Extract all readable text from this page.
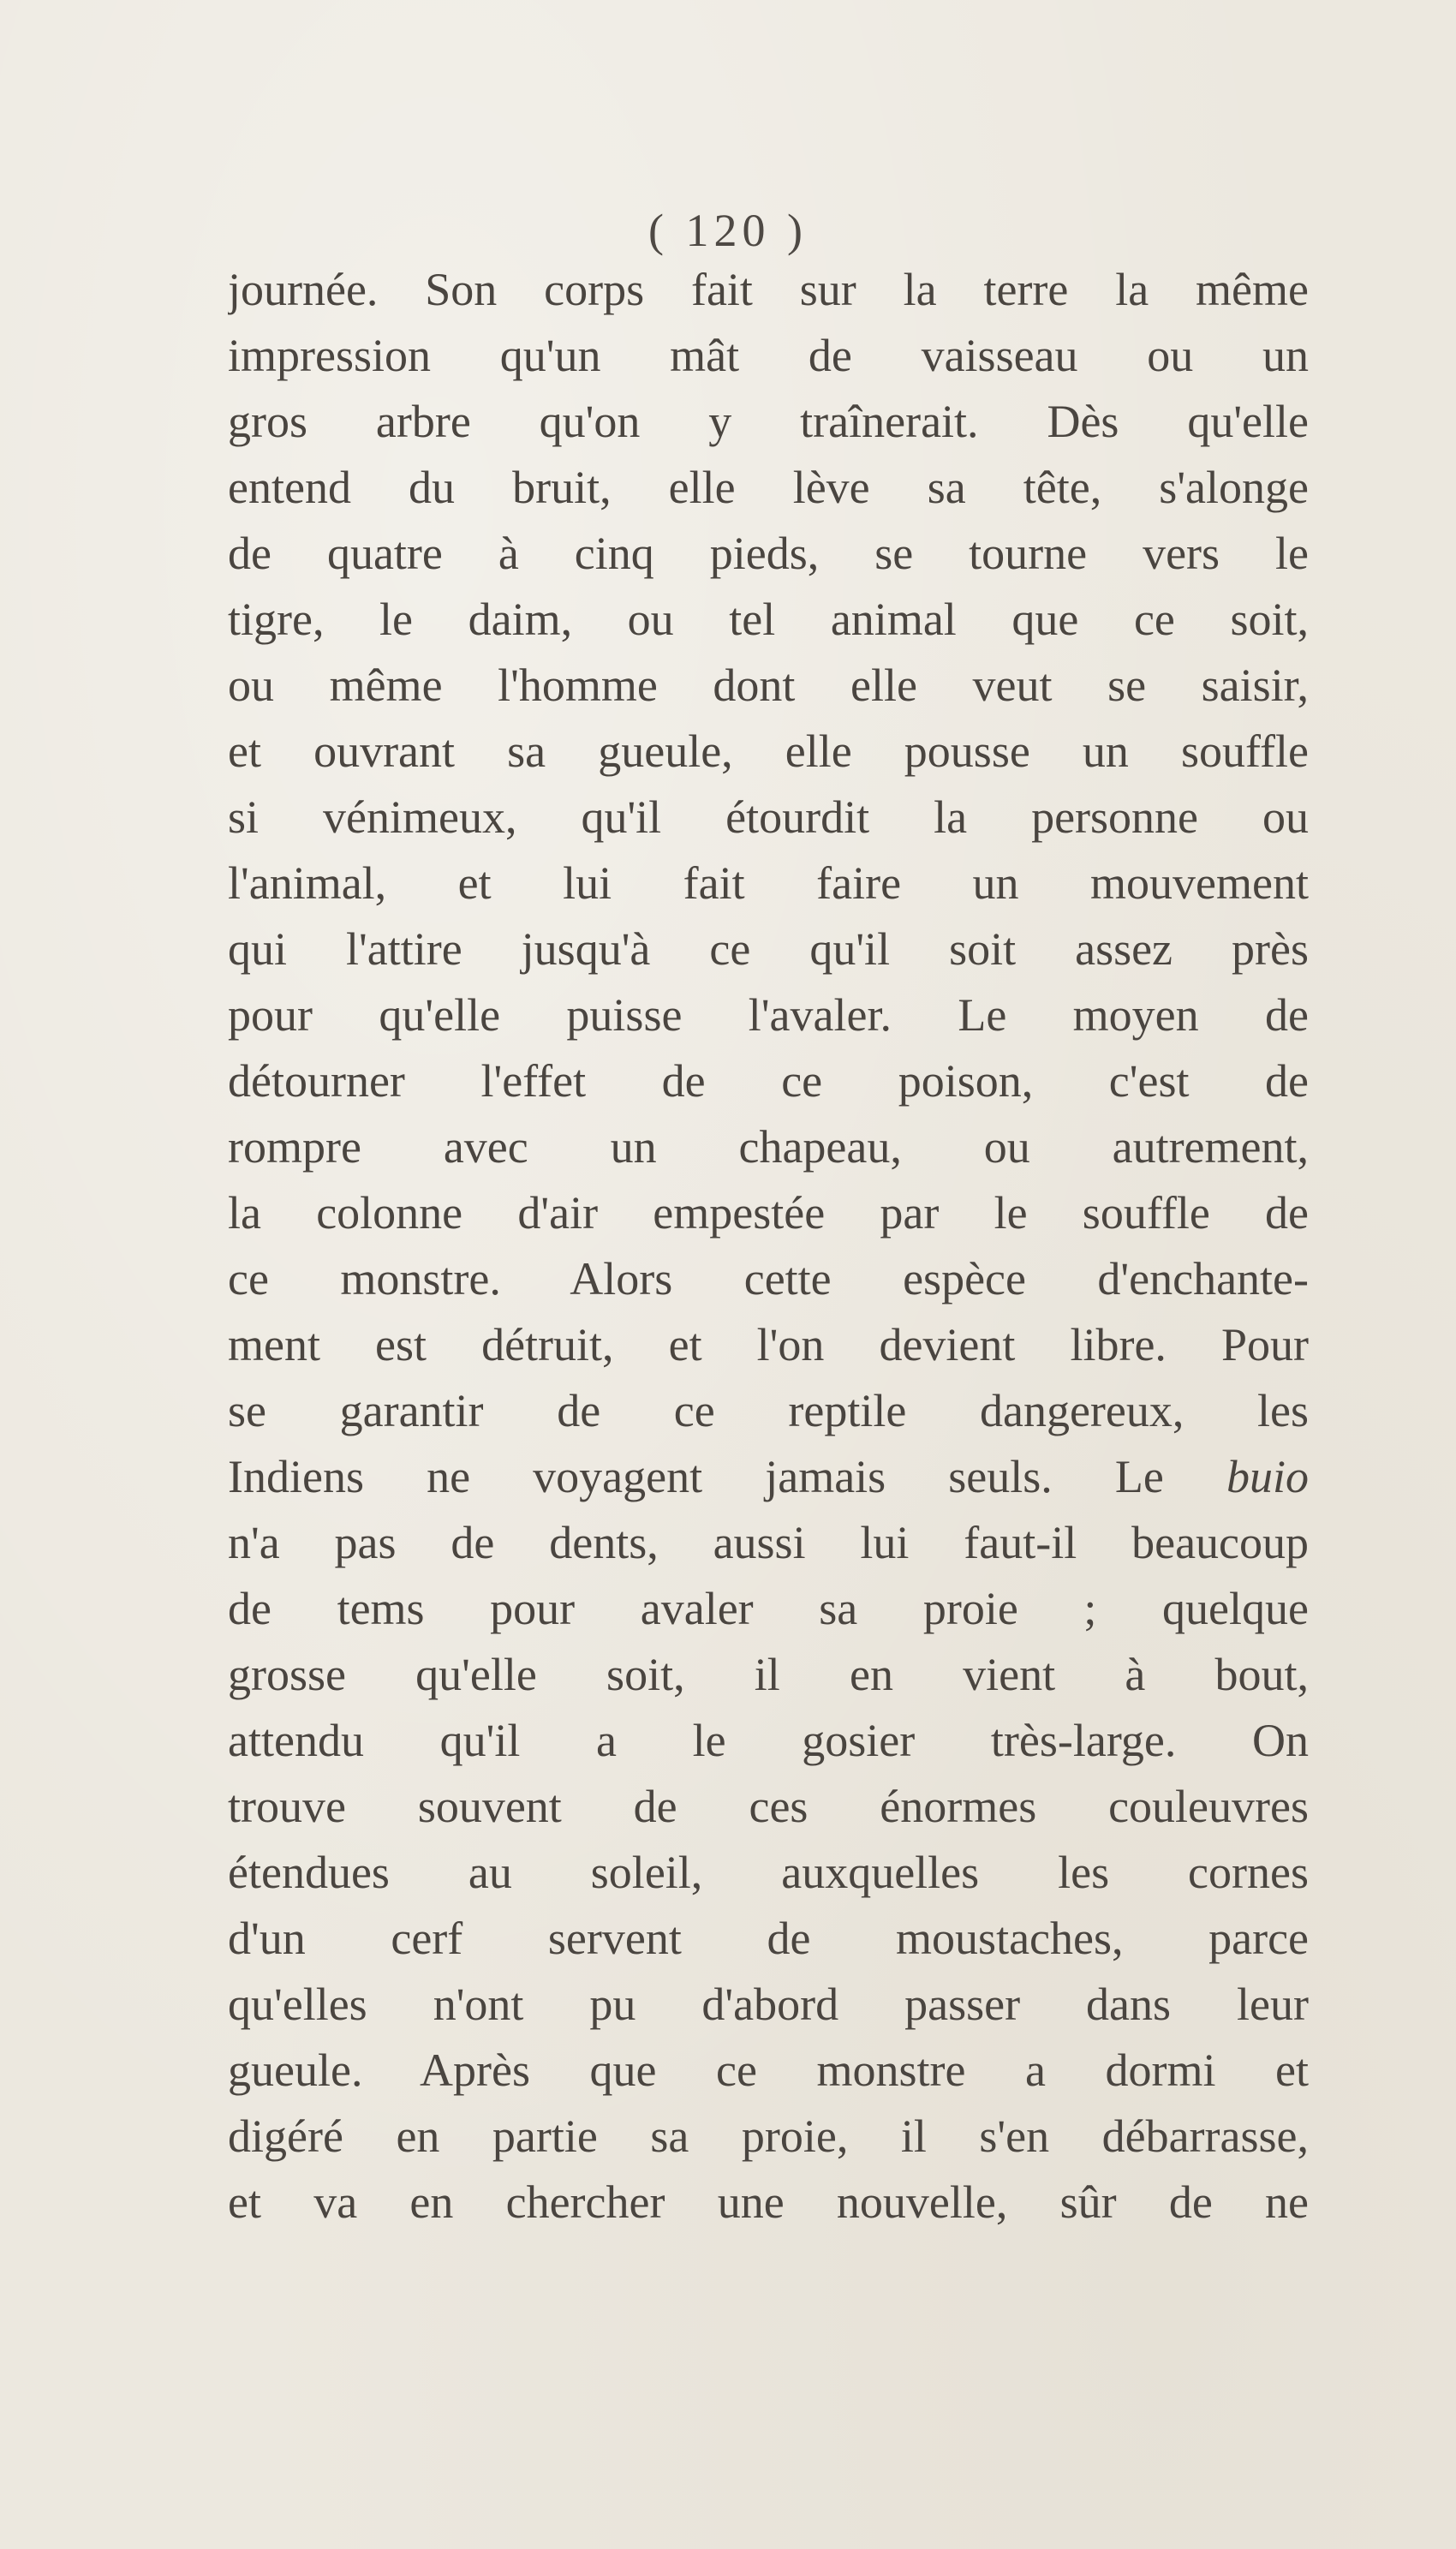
( 120 )
journée. Son corps fait sur la terre la même
impression qu'un mât de vaisseau ou un
gros arbre qu'on y traînerait. Dès qu'elle
entend du bruit, elle lève sa tête, s'alonge
de quatre à cinq pieds, se tourne vers le
tigre, le daim, ou tel animal que ce soit,
ou même l'homme dont elle veut se saisir,
et ouvrant sa gueule, elle pousse un souffle
si vénimeux, qu'il étourdit la personne ou
l'animal, et lui fait faire un mouvement
qui l'attire jusqu'à ce qu'il soit assez près
pour qu'elle puisse l'avaler. Le moyen de
détourner l'effet de ce poison, c'est de
rompre avec un chapeau, ou autrement,
la colonne d'air empestée par le souffle de
ce monstre. Alors cette espèce d'enchante-
ment est détruit, et l'on devient libre. Pour
se garantir de ce reptile dangereux, les
Indiens ne voyagent jamais seuls. Le buio
n'a pas de dents, aussi lui faut-il beaucoup
de tems pour avaler sa proie ; quelque
grosse qu'elle soit, il en vient à bout,
attendu qu'il a le gosier très-large. On
trouve souvent de ces énormes couleuvres
étendues au soleil, auxquelles les cornes
d'un cerf servent de moustaches, parce
qu'elles n'ont pu d'abord passer dans leur
gueule. Après que ce monstre a dormi et
digéré en partie sa proie, il s'en débarrasse,
et va en chercher une nouvelle, sûr de ne
